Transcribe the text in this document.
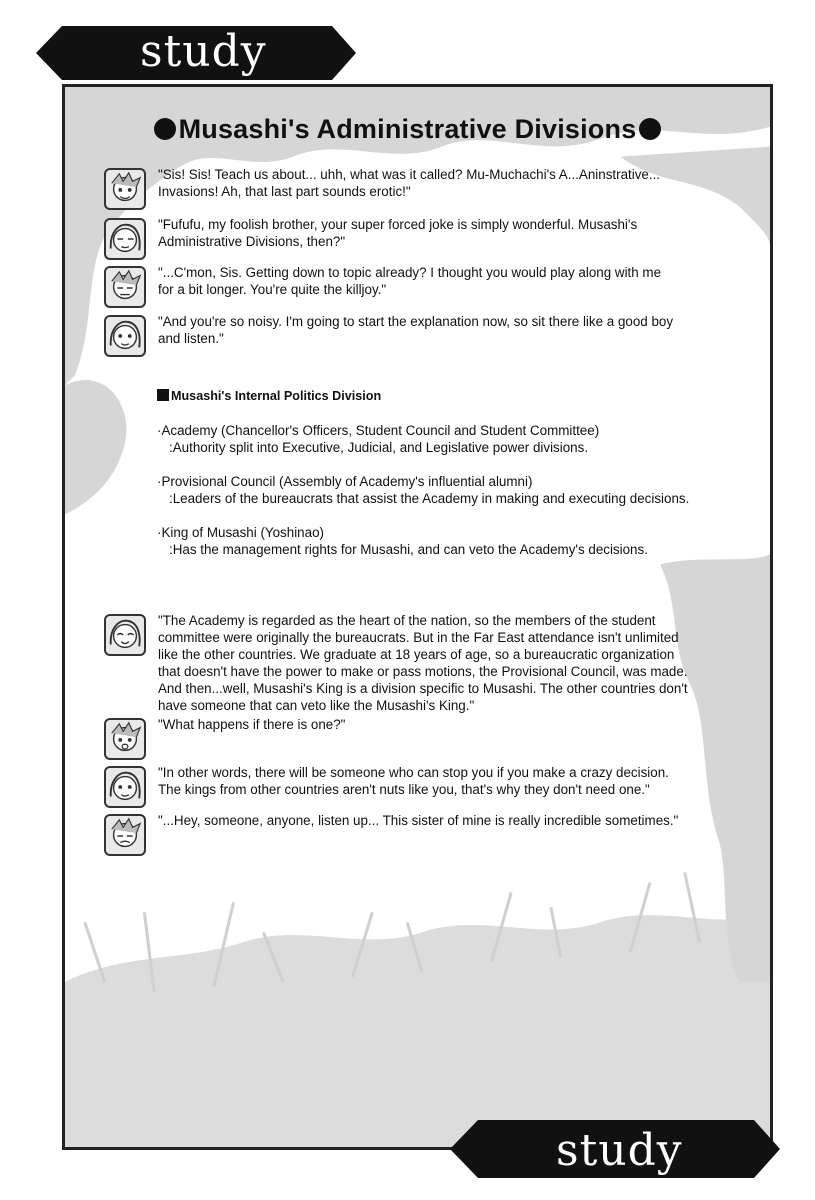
study
Musashi's Administrative Divisions
"Sis! Sis! Teach us about... uhh, what was it called? Mu-Muchachi's A...Aninstrative...
Invasions! Ah, that last part sounds erotic!"
"Fufufu, my foolish brother, your super forced joke is simply wonderful. Musashi's
Administrative Divisions, then?"
"...C'mon, Sis. Getting down to topic already? I thought you would play along with me
for a bit longer. You're quite the killjoy."
"And you're so noisy. I'm going to start the explanation now, so sit there like a good boy
and listen."
Musashi's Internal Politics Division
·Academy (Chancellor's Officers, Student Council and Student Committee)
:Authority split into Executive, Judicial, and Legislative power divisions.
·Provisional Council (Assembly of Academy's influential alumni)
:Leaders of the bureaucrats that assist the Academy in making and executing decisions.
·King of Musashi (Yoshinao)
:Has the management rights for Musashi, and can veto the Academy's decisions.
"The Academy is regarded as the heart of the nation, so the members of the student
committee were originally the bureaucrats. But in the Far East attendance isn't unlimited
like the other countries. We graduate at 18 years of age, so a bureaucratic organization
that doesn't have the power to make or pass motions, the Provisional Council, was made.
And then...well, Musashi's King is a division specific to Musashi. The other countries don't
have someone that can veto like the Musashi's King."
"What happens if there is one?"
"In other words, there will be someone who can stop you if you make a crazy decision.
The kings from other countries aren't nuts like you, that's why they don't need one."
"...Hey, someone, anyone, listen up... This sister of mine is really incredible sometimes."
study
